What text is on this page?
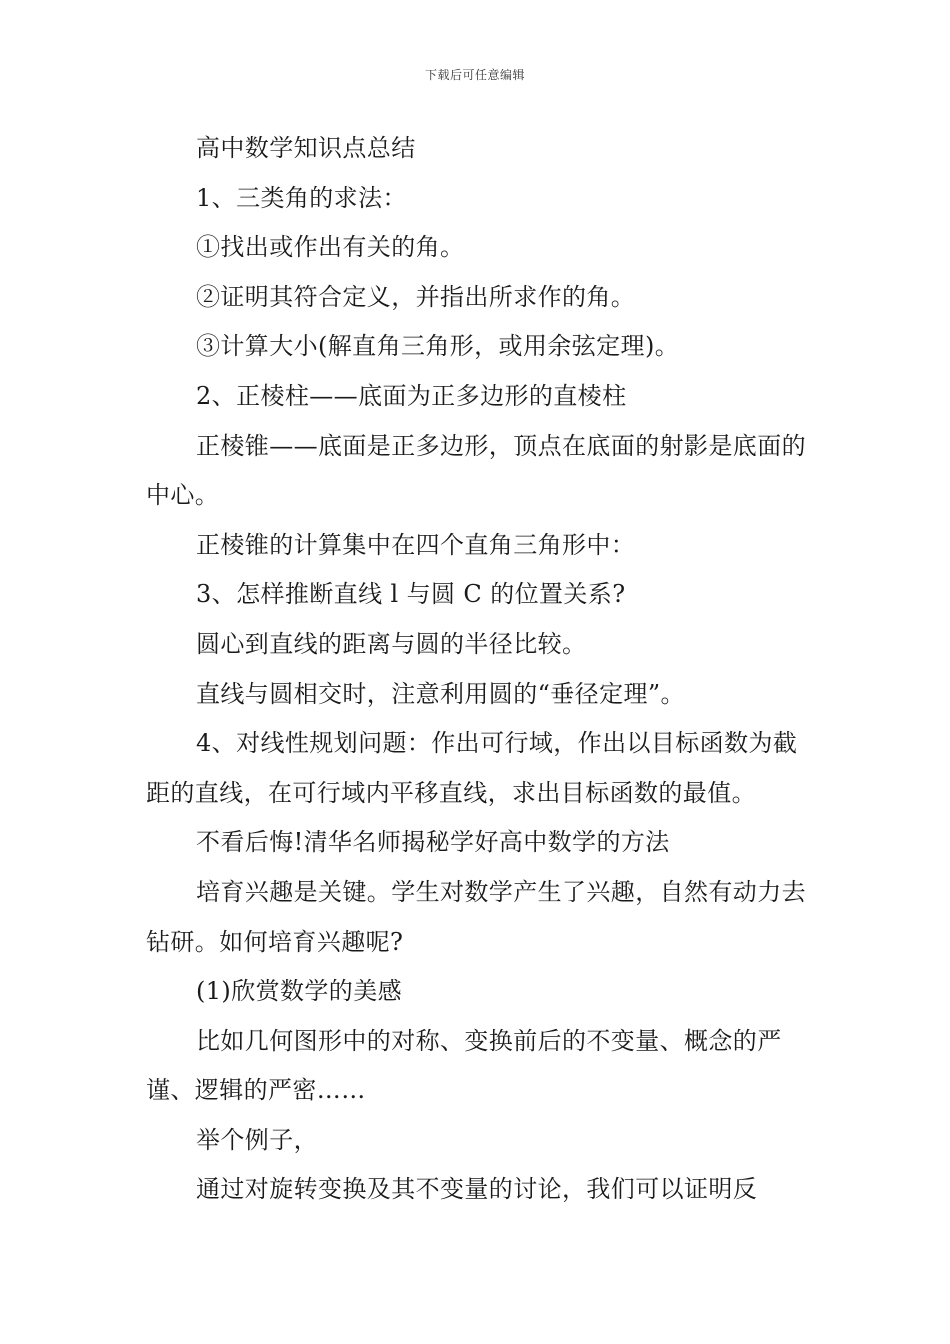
下载后可任意编辑

高中数学知识点总结

1、三类角的求法：

①找出或作出有关的角。

②证明其符合定义，并指出所求作的角。

③计算大小(解直角三角形，或用余弦定理)。

2、正棱柱——底面为正多边形的直棱柱

正棱锥——底面是正多边形，顶点在底面的射影是底面的中心。

正棱锥的计算集中在四个直角三角形中：

3、怎样推断直线 l 与圆 C 的位置关系?

圆心到直线的距离与圆的半径比较。

直线与圆相交时，注意利用圆的“垂径定理”。

4、对线性规划问题：作出可行域，作出以目标函数为截距的直线，在可行域内平移直线，求出目标函数的最值。

不看后悔!清华名师揭秘学好高中数学的方法

培育兴趣是关键。学生对数学产生了兴趣，自然有动力去钻研。如何培育兴趣呢?

(1)欣赏数学的美感

比如几何图形中的对称、变换前后的不变量、概念的严谨、逻辑的严密……

举个例子，

通过对旋转变换及其不变量的讨论，我们可以证明反
